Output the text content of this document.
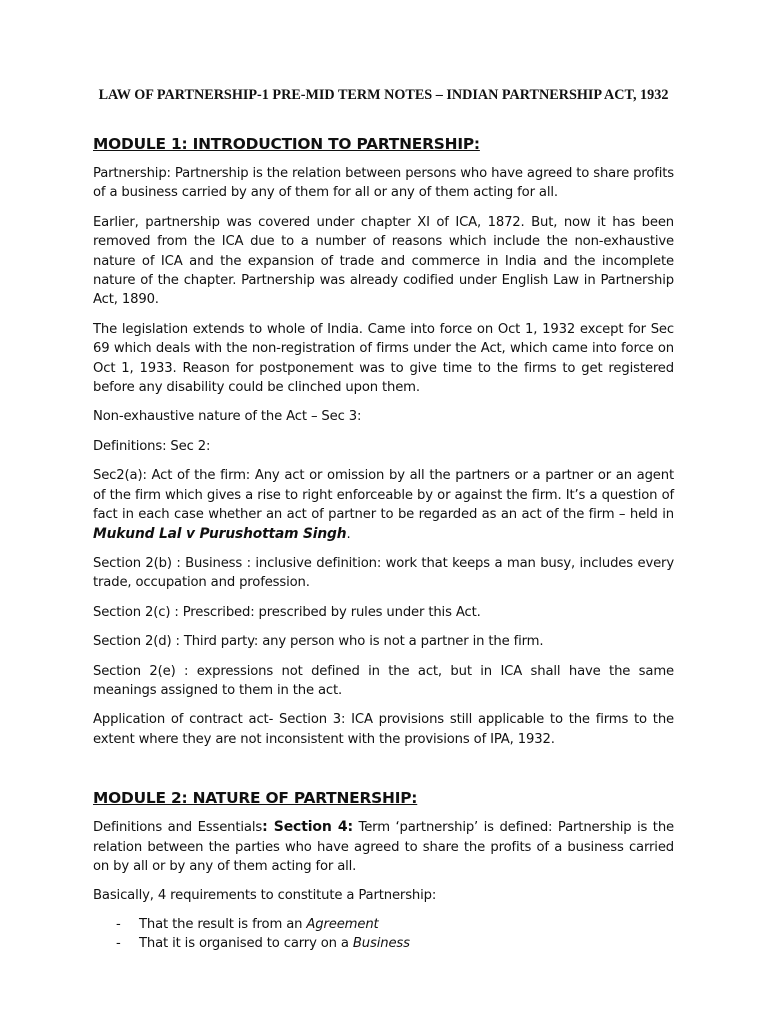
LAW OF PARTNERSHIP-1 PRE-MID TERM NOTES – INDIAN PARTNERSHIP ACT, 1932
MODULE 1: INTRODUCTION TO PARTNERSHIP:

Partnership: Partnership is the relation between persons who have agreed to share profits of a business carried by any of them for all or any of them acting for all.

Earlier, partnership was covered under chapter XI of ICA, 1872. But, now it has been removed from the ICA due to a number of reasons which include the non-exhaustive nature of ICA and the expansion of trade and commerce in India and the incomplete nature of the chapter. Partnership was already codified under English Law in Partnership Act, 1890.

The legislation extends to whole of India. Came into force on Oct 1, 1932 except for Sec 69 which deals with the non-registration of firms under the Act, which came into force on Oct 1, 1933. Reason for postponement was to give time to the firms to get registered before any disability could be clinched upon them.

Non-exhaustive nature of the Act – Sec 3:

Definitions: Sec 2:

Sec2(a): Act of the firm: Any act or omission by all the partners or a partner or an agent of the firm which gives a rise to right enforceable by or against the firm. It’s a question of fact in each case whether an act of partner to be regarded as an act of the firm – held in Mukund Lal v Purushottam Singh.

Section 2(b) : Business : inclusive definition: work that keeps a man busy, includes every trade, occupation and profession.

Section 2(c) : Prescribed: prescribed by rules under this Act.

Section 2(d) : Third party: any person who is not a partner in the firm.

Section 2(e) : expressions not defined in the act, but in ICA shall have the same meanings assigned to them in the act.

Application of contract act- Section 3: ICA provisions still applicable to the firms to the extent where they are not inconsistent with the provisions of IPA, 1932.

MODULE 2: NATURE OF PARTNERSHIP:

Definitions and Essentials: Section 4: Term ‘partnership’ is defined: Partnership is the relation between the parties who have agreed to share the profits of a business carried on by all or by any of them acting for all.

Basically, 4 requirements to constitute a Partnership:

- That the result is from an Agreement
- That it is organised to carry on a Business
